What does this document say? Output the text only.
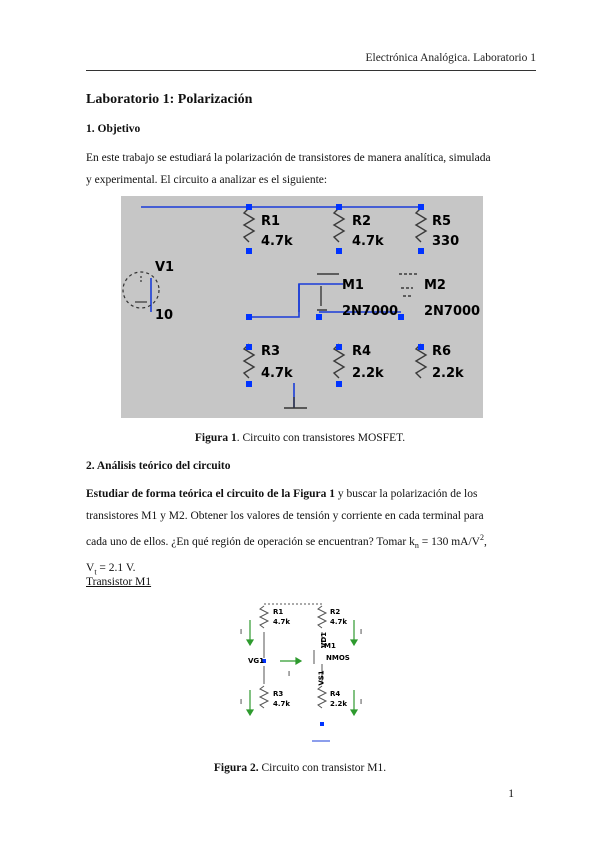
Electrónica Analógica. Laboratorio 1
Laboratorio 1: Polarización
1. Objetivo
En este trabajo se estudiará la polarización de transistores de manera analítica, simulada
y experimental. El circuito a analizar es el siguiente:
V1
10
R1
4.7k
R2
4.7k
R5
330
M1
2N7000
M2
2N7000
R3
4.7k
R4
2.2k
R6
2.2k
Figura 1. Circuito con transistores MOSFET.
2. Análisis teórico del circuito
Estudiar de forma teórica el circuito de la Figura 1 y buscar la polarización de los
transistores M1 y M2. Obtener los valores de tensión y corriente en cada terminal para
cada uno de ellos. ¿En qué región de operación se encuentran? Tomar $k_n = 130$ $mA/V^2$,
$V_t = 2.1$ V.
Transistor M1
R1
4.7k
R2
4.7k
M1
NMOS
VG1
VD1
VS1
R3
4.7k
R4
2.2k
I	I
I	I
I
Figura 2. Circuito con transistor M1.
1
